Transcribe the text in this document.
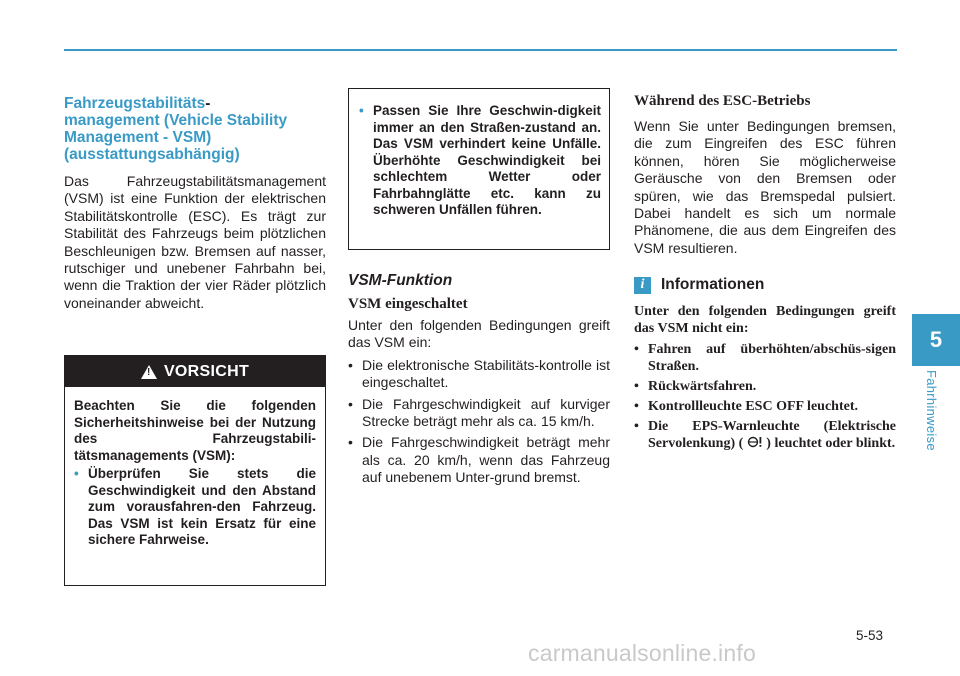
Fahrzeugstabilitäts-
management (Vehicle Stability Management - VSM) (ausstattungsabhängig)

Das Fahrzeugstabilitätsmanagement (VSM) ist eine Funktion der elektrischen Stabilitätskontrolle (ESC). Es trägt zur Stabilität des Fahrzeugs beim plötzlichen Beschleunigen bzw. Bremsen auf nasser, rutschiger und unebener Fahrbahn bei, wenn die Traktion der vier Räder plötzlich voneinander abweicht.

! VORSICHT
Beachten Sie die folgenden Sicherheitshinweise bei der Nutzung des Fahrzeugstabili-tätsmanagements (VSM):
• Überprüfen Sie stets die Geschwindigkeit und den Abstand zum vorausfahren-den Fahrzeug. Das VSM ist kein Ersatz für eine sichere Fahrweise.
• Passen Sie Ihre Geschwin-digkeit immer an den Straßen-zustand an. Das VSM verhindert keine Unfälle. Überhöhte Geschwindigkeit bei schlechtem Wetter oder Fahrbahnglätte etc. kann zu schweren Unfällen führen.
VSM-Funktion
VSM eingeschaltet

Unter den folgenden Bedingungen greift das VSM ein:

• Die elektronische Stabilitäts-kontrolle ist eingeschaltet.
• Die Fahrgeschwindigkeit auf kurviger Strecke beträgt mehr als ca. 15 km/h.
• Die Fahrgeschwindigkeit beträgt mehr als ca. 20 km/h, wenn das Fahrzeug auf unebenem Unter-grund bremst.
Während des ESC-Betriebs

Wenn Sie unter Bedingungen bremsen, die zum Eingreifen des ESC führen können, hören Sie möglicherweise Geräusche von den Bremsen oder spüren, wie das Bremspedal pulsiert. Dabei handelt es sich um normale Phänomene, die aus dem Eingreifen des VSM resultieren.

i	Informationen
Unter den folgenden Bedingungen greift das VSM nicht ein:
• Fahren auf überhöhten/abschüs-sigen Straßen.
• Rückwärtsfahren.
• Kontrollleuchte ESC OFF leuchtet.
• Die EPS-Warnleuchte (Elektrische Servolenkung) ( ) leuchtet oder blinkt.
5
Fahrhinweise
5-53
carmanualsonline.info
